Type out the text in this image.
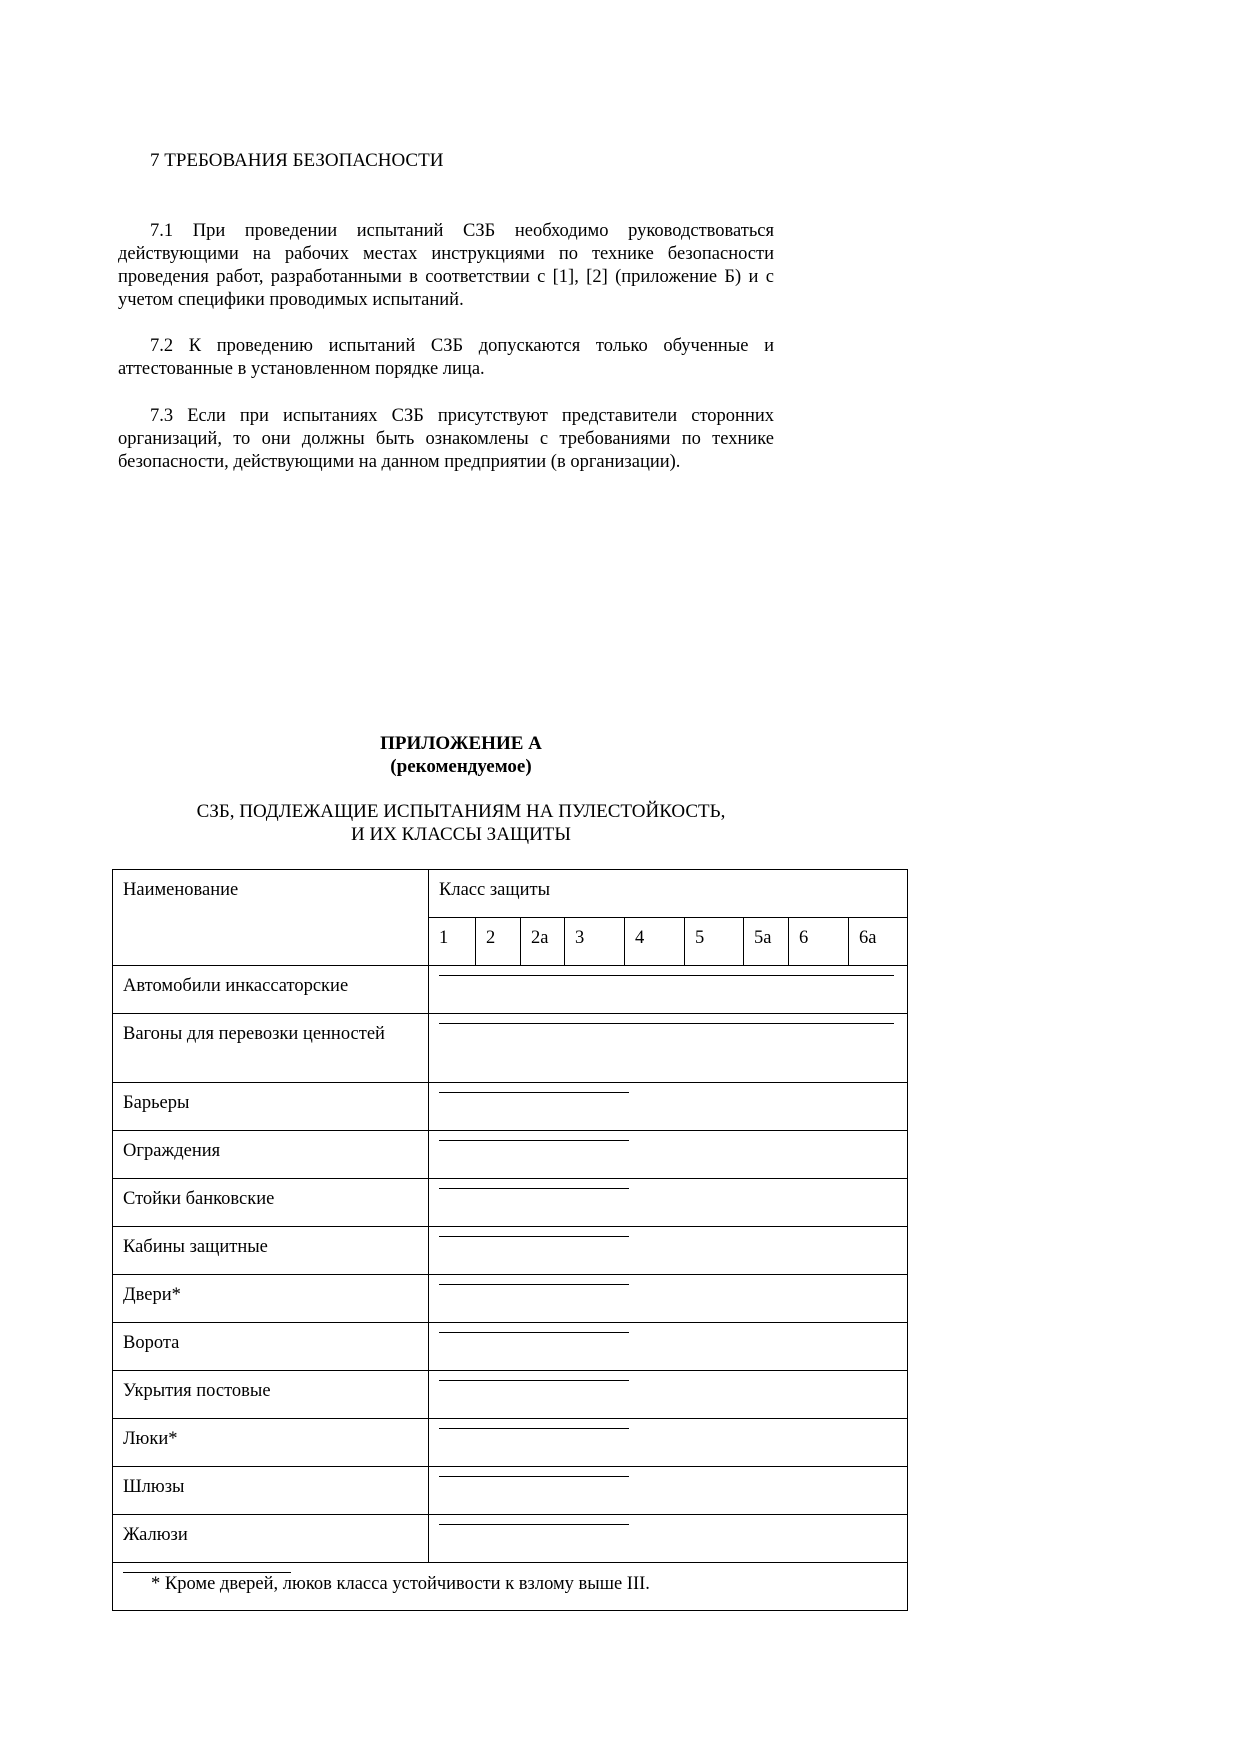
7 ТРЕБОВАНИЯ БЕЗОПАСНОСТИ

7.1 При проведении испытаний СЗБ необходимо руководствоваться действующими на рабочих местах инструкциями по технике безопасности проведения работ, разработанными в соответствии с [1], [2] (приложение Б) и с учетом специфики проводимых испытаний.

7.2 К проведению испытаний СЗБ допускаются только обученные и аттестованные в установленном порядке лица.

7.3 Если при испытаниях СЗБ присутствуют представители сторонних организаций, то они должны быть ознакомлены с требованиями по технике безопасности, действующими на данном предприятии (в организации).

ПРИЛОЖЕНИЕ А
(рекомендуемое)
СЗБ, ПОДЛЕЖАЩИЕ ИСПЫТАНИЯМ НА ПУЛЕСТОЙКОСТЬ,
И ИХ КЛАССЫ ЗАЩИТЫ
Наименование	Класс защиты								
	1	2	2а	3	4	5	5а	6	6а
Автомобили инкассаторские									

Вагоны для перевозки ценностей									

Барьеры									

Ограждения									

Стойки банковские									

Кабины защитные									

Двери*									

Ворота									

Укрытия постовые									

Люки*									

Шлюзы									

Жалюзи									

* Кроме дверей, люков класса устойчивости к взлому выше III.									
